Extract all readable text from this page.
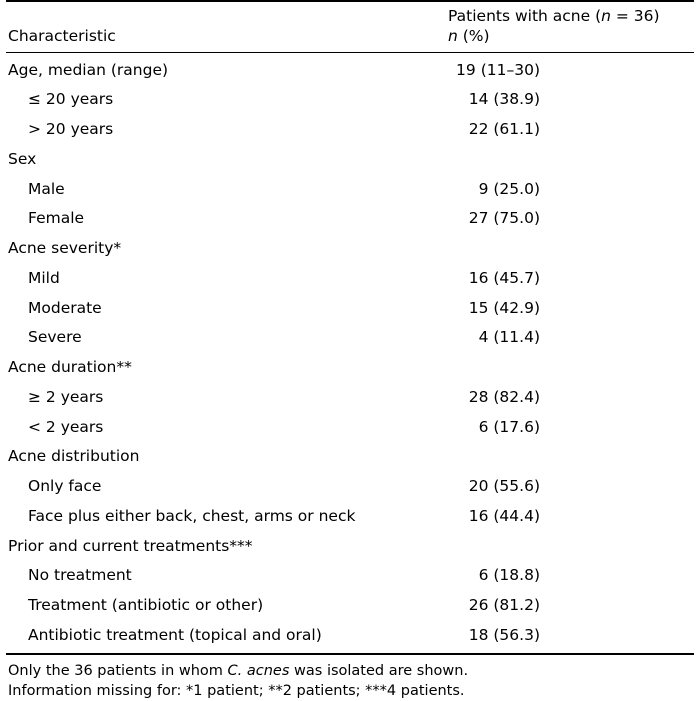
Characteristic	Patients with acne (n = 36)
n (%)

Age, median (range)	19 (11–30)
≤ 20 years	14 (38.9)
> 20 years	22 (61.1)
Sex	
Male	9 (25.0)
Female	27 (75.0)
Acne severity*	
Mild	16 (45.7)
Moderate	15 (42.9)
Severe	4 (11.4)
Acne duration**	
≥ 2 years	28 (82.4)
< 2 years	6 (17.6)
Acne distribution	
Only face	20 (55.6)
Face plus either back, chest, arms or neck	16 (44.4)
Prior and current treatments***	
No treatment	6 (18.8)
Treatment (antibiotic or other)	26 (81.2)
Antibiotic treatment (topical and oral)	18 (56.3)
Only the 36 patients in whom C. acnes was isolated are shown.
Information missing for: *1 patient; **2 patients; ***4 patients.
